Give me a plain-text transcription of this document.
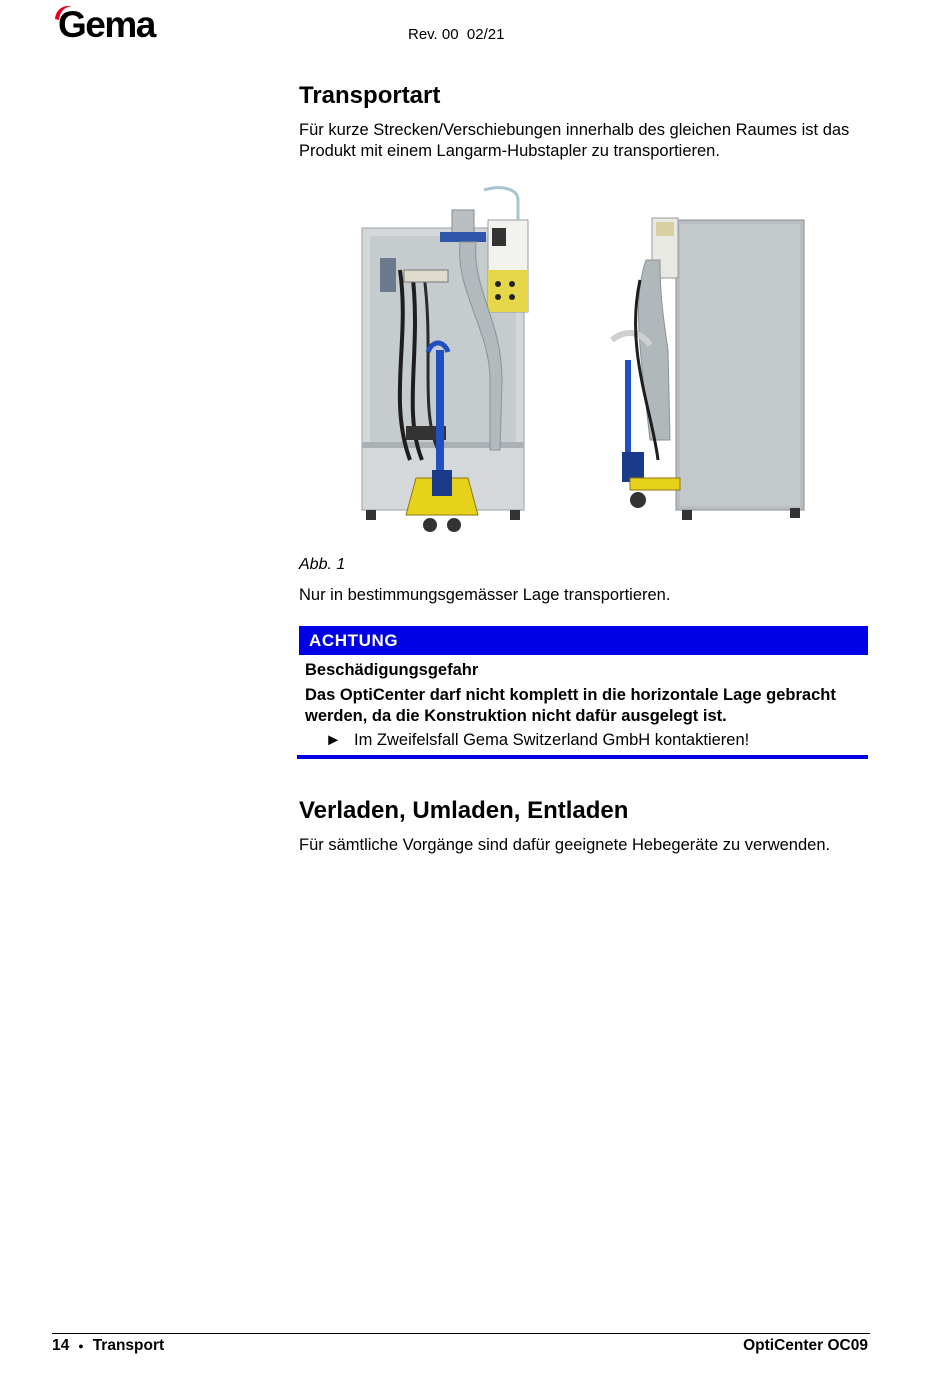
Gema	Rev. 00  02/21
Transportart

Für kurze Strecken/Verschiebungen innerhalb des gleichen Raumes ist das Produkt mit einem Langarm-Hubstapler zu transportieren.

Abb. 1

Nur in bestimmungsgemässer Lage transportieren.

ACHTUNG

Beschädigungsgefahr

Das OptiCenter darf nicht komplett in die horizontale Lage gebracht werden, da die Konstruktion nicht dafür ausgelegt ist.

► Im Zweifelsfall Gema Switzerland GmbH kontaktieren!
Verladen, Umladen, Entladen

Für sämtliche Vorgänge sind dafür geeignete Hebegeräte zu verwenden.

14 ● Transport	OptiCenter OC09
